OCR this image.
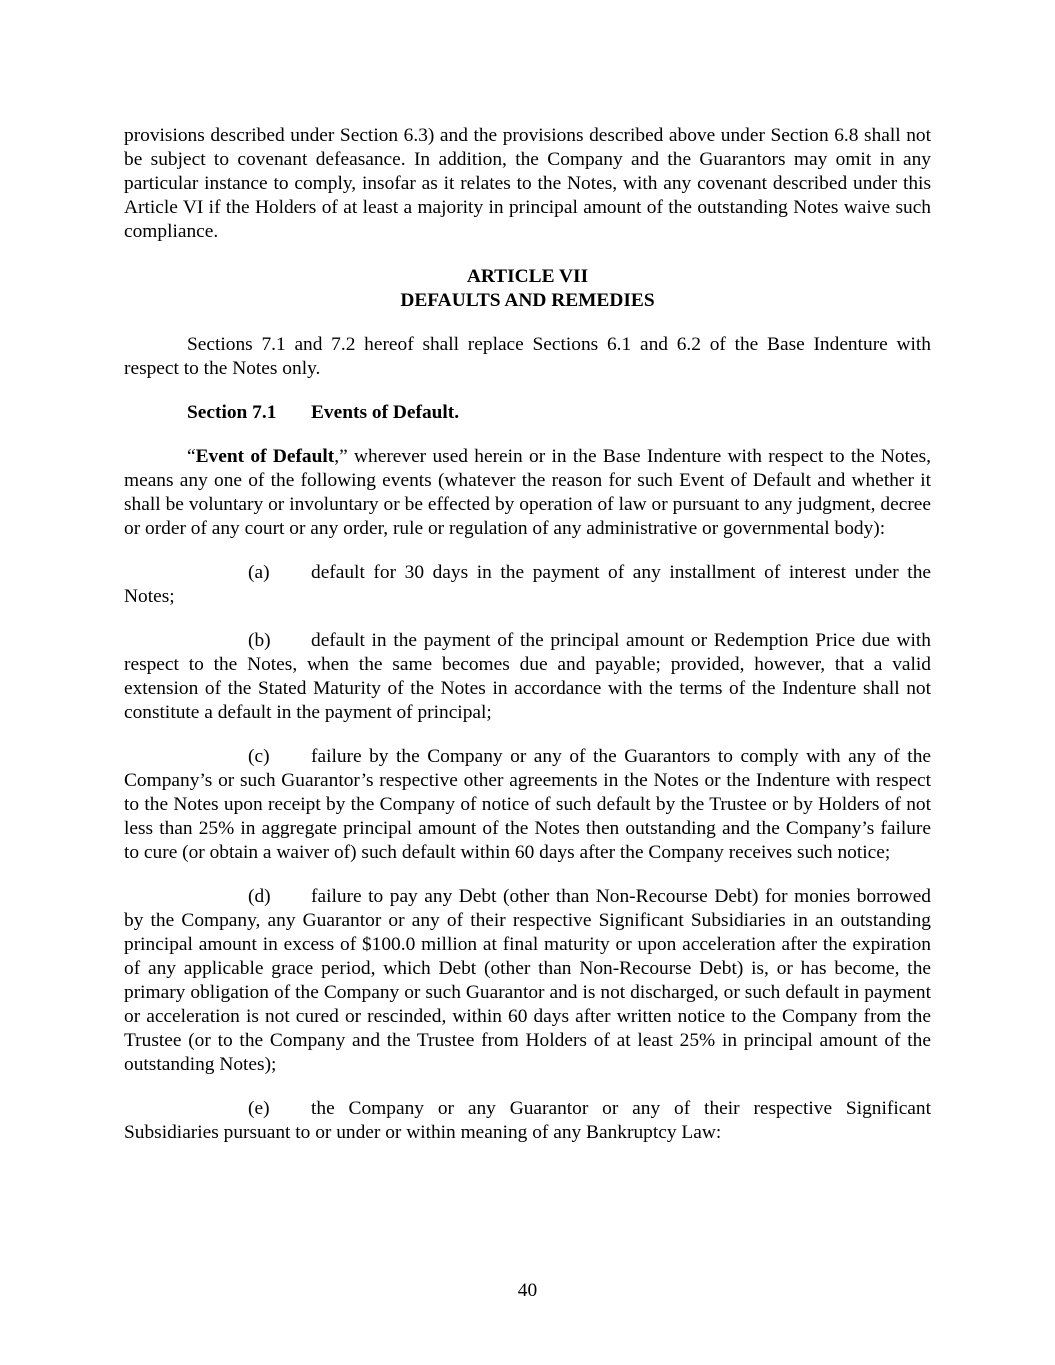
provisions described under Section 6.3) and the provisions described above under Section 6.8 shall not be subject to covenant defeasance. In addition, the Company and the Guarantors may omit in any particular instance to comply, insofar as it relates to the Notes, with any covenant described under this Article VI if the Holders of at least a majority in principal amount of the outstanding Notes waive such compliance.

ARTICLE VII
DEFAULTS AND REMEDIES

Sections 7.1 and 7.2 hereof shall replace Sections 6.1 and 6.2 of the Base Indenture with respect to the Notes only.

Section 7.1 Events of Default.

“Event of Default,” wherever used herein or in the Base Indenture with respect to the Notes, means any one of the following events (whatever the reason for such Event of Default and whether it shall be voluntary or involuntary or be effected by operation of law or pursuant to any judgment, decree or order of any court or any order, rule or regulation of any administrative or governmental body):

(a) default for 30 days in the payment of any installment of interest under the Notes;

(b) default in the payment of the principal amount or Redemption Price due with respect to the Notes, when the same becomes due and payable; provided, however, that a valid extension of the Stated Maturity of the Notes in accordance with the terms of the Indenture shall not constitute a default in the payment of principal;

(c) failure by the Company or any of the Guarantors to comply with any of the Company’s or such Guarantor’s respective other agreements in the Notes or the Indenture with respect to the Notes upon receipt by the Company of notice of such default by the Trustee or by Holders of not less than 25% in aggregate principal amount of the Notes then outstanding and the Company’s failure to cure (or obtain a waiver of) such default within 60 days after the Company receives such notice;

(d) failure to pay any Debt (other than Non-Recourse Debt) for monies borrowed by the Company, any Guarantor or any of their respective Significant Subsidiaries in an outstanding principal amount in excess of $100.0 million at final maturity or upon acceleration after the expiration of any applicable grace period, which Debt (other than Non-Recourse Debt) is, or has become, the primary obligation of the Company or such Guarantor and is not discharged, or such default in payment or acceleration is not cured or rescinded, within 60 days after written notice to the Company from the Trustee (or to the Company and the Trustee from Holders of at least 25% in principal amount of the outstanding Notes);

(e) the Company or any Guarantor or any of their respective Significant Subsidiaries pursuant to or under or within meaning of any Bankruptcy Law:

40
